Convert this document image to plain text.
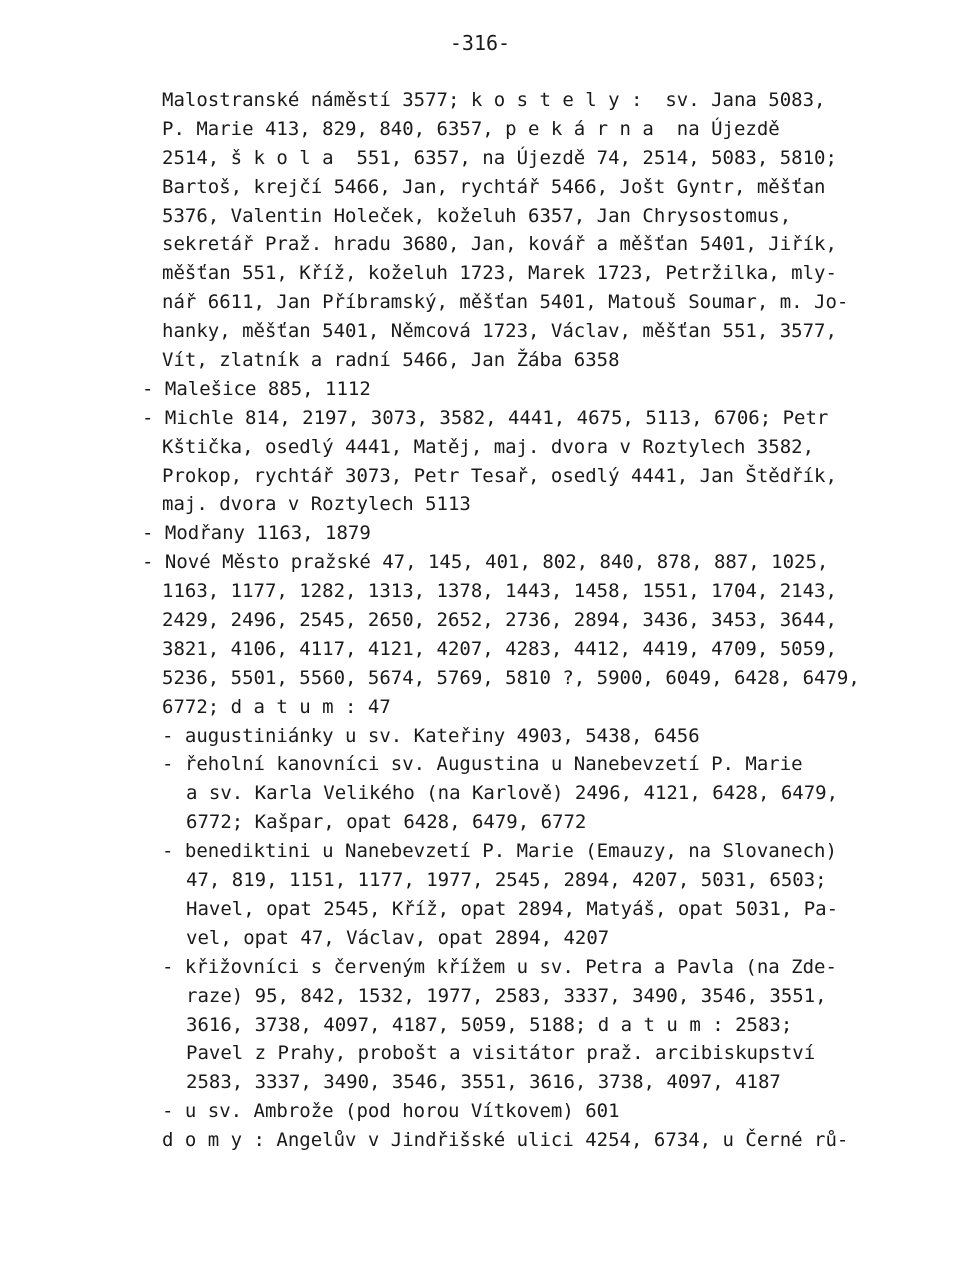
-316-
Malostranské náměstí 3577; k o s t e l y :  sv. Jana 5083,
P. Marie 413, 829, 840, 6357, p e k á r n a  na Újezdě
2514, š k o l a  551, 6357, na Újezdě 74, 2514, 5083, 5810;
Bartoš, krejčí 5466, Jan, rychtář 5466, Jošt Gyntr, měšťan
5376, Valentin Holeček, koželuh 6357, Jan Chrysostomus,
sekretář Praž. hradu 3680, Jan, kovář a měšťan 5401, Jiřík,
měšťan 551, Kříž, koželuh 1723, Marek 1723, Petržilka, mly-
nář 6611, Jan Příbramský, měšťan 5401, Matouš Soumar, m. Jo-
hanky, měšťan 5401, Němcová 1723, Václav, měšťan 551, 3577,
Vít, zlatník a radní 5466, Jan Žába 6358
- Malešice 885, 1112
- Michle 814, 2197, 3073, 3582, 4441, 4675, 5113, 6706; Petr
Kštička, osedlý 4441, Matěj, maj. dvora v Roztylech 3582,
Prokop, rychtář 3073, Petr Tesař, osedlý 4441, Jan Štědřík,
maj. dvora v Roztylech 5113
- Modřany 1163, 1879
- Nové Město pražské 47, 145, 401, 802, 840, 878, 887, 1025,
1163, 1177, 1282, 1313, 1378, 1443, 1458, 1551, 1704, 2143,
2429, 2496, 2545, 2650, 2652, 2736, 2894, 3436, 3453, 3644,
3821, 4106, 4117, 4121, 4207, 4283, 4412, 4419, 4709, 5059,
5236, 5501, 5560, 5674, 5769, 5810 ?, 5900, 6049, 6428, 6479,
6772; d a t u m : 47
- augustiniánky u sv. Kateřiny 4903, 5438, 6456
- řeholní kanovníci sv. Augustina u Nanebevzetí P. Marie
a sv. Karla Velikého (na Karlově) 2496, 4121, 6428, 6479,
6772; Kašpar, opat 6428, 6479, 6772
- benediktini u Nanebevzetí P. Marie (Emauzy, na Slovanech)
47, 819, 1151, 1177, 1977, 2545, 2894, 4207, 5031, 6503;
Havel, opat 2545, Kříž, opat 2894, Matyáš, opat 5031, Pa-
vel, opat 47, Václav, opat 2894, 4207
- křižovníci s červeným křížem u sv. Petra a Pavla (na Zde-
raze) 95, 842, 1532, 1977, 2583, 3337, 3490, 3546, 3551,
3616, 3738, 4097, 4187, 5059, 5188; d a t u m : 2583;
Pavel z Prahy, probošt a visitátor praž. arcibiskupství
2583, 3337, 3490, 3546, 3551, 3616, 3738, 4097, 4187
- u sv. Ambrože (pod horou Vítkovem) 601
d o m y : Angelův v Jindřišské ulici 4254, 6734, u Černé rů-
